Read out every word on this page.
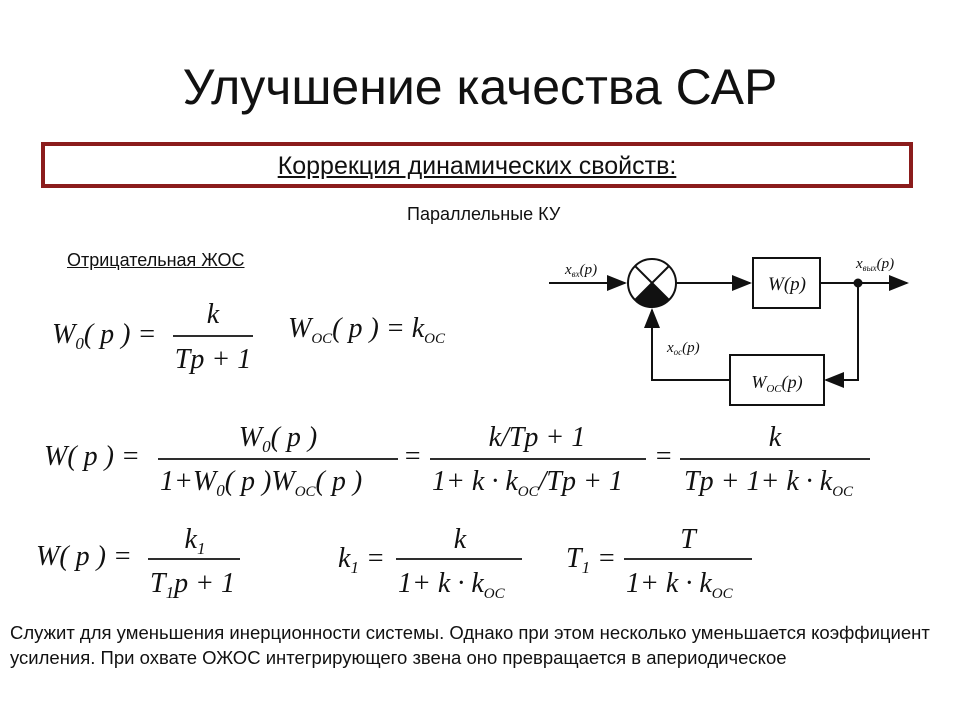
Улучшение качества САР
Коррекция динамических свойств:
Параллельные КУ
Отрицательная ЖОС	$x_{вх}(p)$	$x_{вых}(p)$
$x_{ос}(p)$
W(p)
$W_{OC}(p)$
$W_0$( p ) =
k
Tp + 1
$W_{OC}$( p ) = $k_{OC}$
W( p ) =
$W_0$( p )
$1+W_0$( p )$W_{OC}$( p )
=
k/Tp + 1
$1+ k \cdot k_{OC}/Tp + 1$
=
k
$Tp + 1+ k \cdot k_{OC}$
W( p ) =
$k_1$
$T_1p + 1$
$k_1$ =
k
$1+ k \cdot k_{OC}$
$T_1$ =
T
$1+ k \cdot k_{OC}$
Служит для уменьшения инерционности системы. Однако при этом несколько уменьшается коэффициент усиления. При охвате ОЖОС интегрирующего звена оно превращается в апериодическое
